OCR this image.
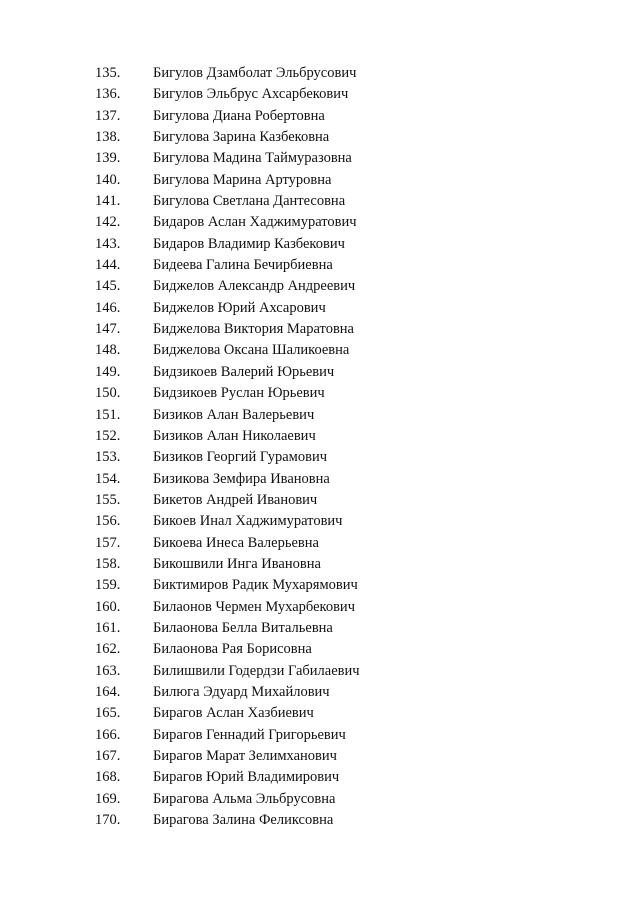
135. Бигулов Дзамболат Эльбрусович
136. Бигулов Эльбрус Ахсарбекович
137. Бигулова Диана Робертовна
138. Бигулова Зарина Казбековна
139. Бигулова Мадина Таймуразовна
140. Бигулова Марина Артуровна
141. Бигулова Светлана Дантесовна
142. Бидаров Аслан Хаджимуратович
143. Бидаров Владимир Казбекович
144. Бидеева Галина Бечирбиевна
145. Биджелов Александр Андреевич
146. Биджелов Юрий Ахсарович
147. Биджелова Виктория Маратовна
148. Биджелова Оксана Шаликоевна
149. Бидзикоев Валерий Юрьевич
150. Бидзикоев Руслан Юрьевич
151. Бизиков Алан Валерьевич
152. Бизиков Алан Николаевич
153. Бизиков Георгий Гурамович
154. Бизикова Земфира Ивановна
155. Бикетов Андрей Иванович
156. Бикоев Инал Хаджимуратович
157. Бикоева Инеса Валерьевна
158. Бикошвили Инга Ивановна
159. Биктимиров Радик Мухарямович
160. Билаонов Чермен Мухарбекович
161. Билаонова Белла Витальевна
162. Билаонова Рая Борисовна
163. Билишвили Годердзи Габилаевич
164. Билюга Эдуард Михайлович
165. Бирагов Аслан Хазбиевич
166. Бирагов Геннадий Григорьевич
167. Бирагов Марат Зелимханович
168. Бирагов Юрий Владимирович
169. Бирагова Альма Эльбрусовна
170. Бирагова Залина Феликсовна
